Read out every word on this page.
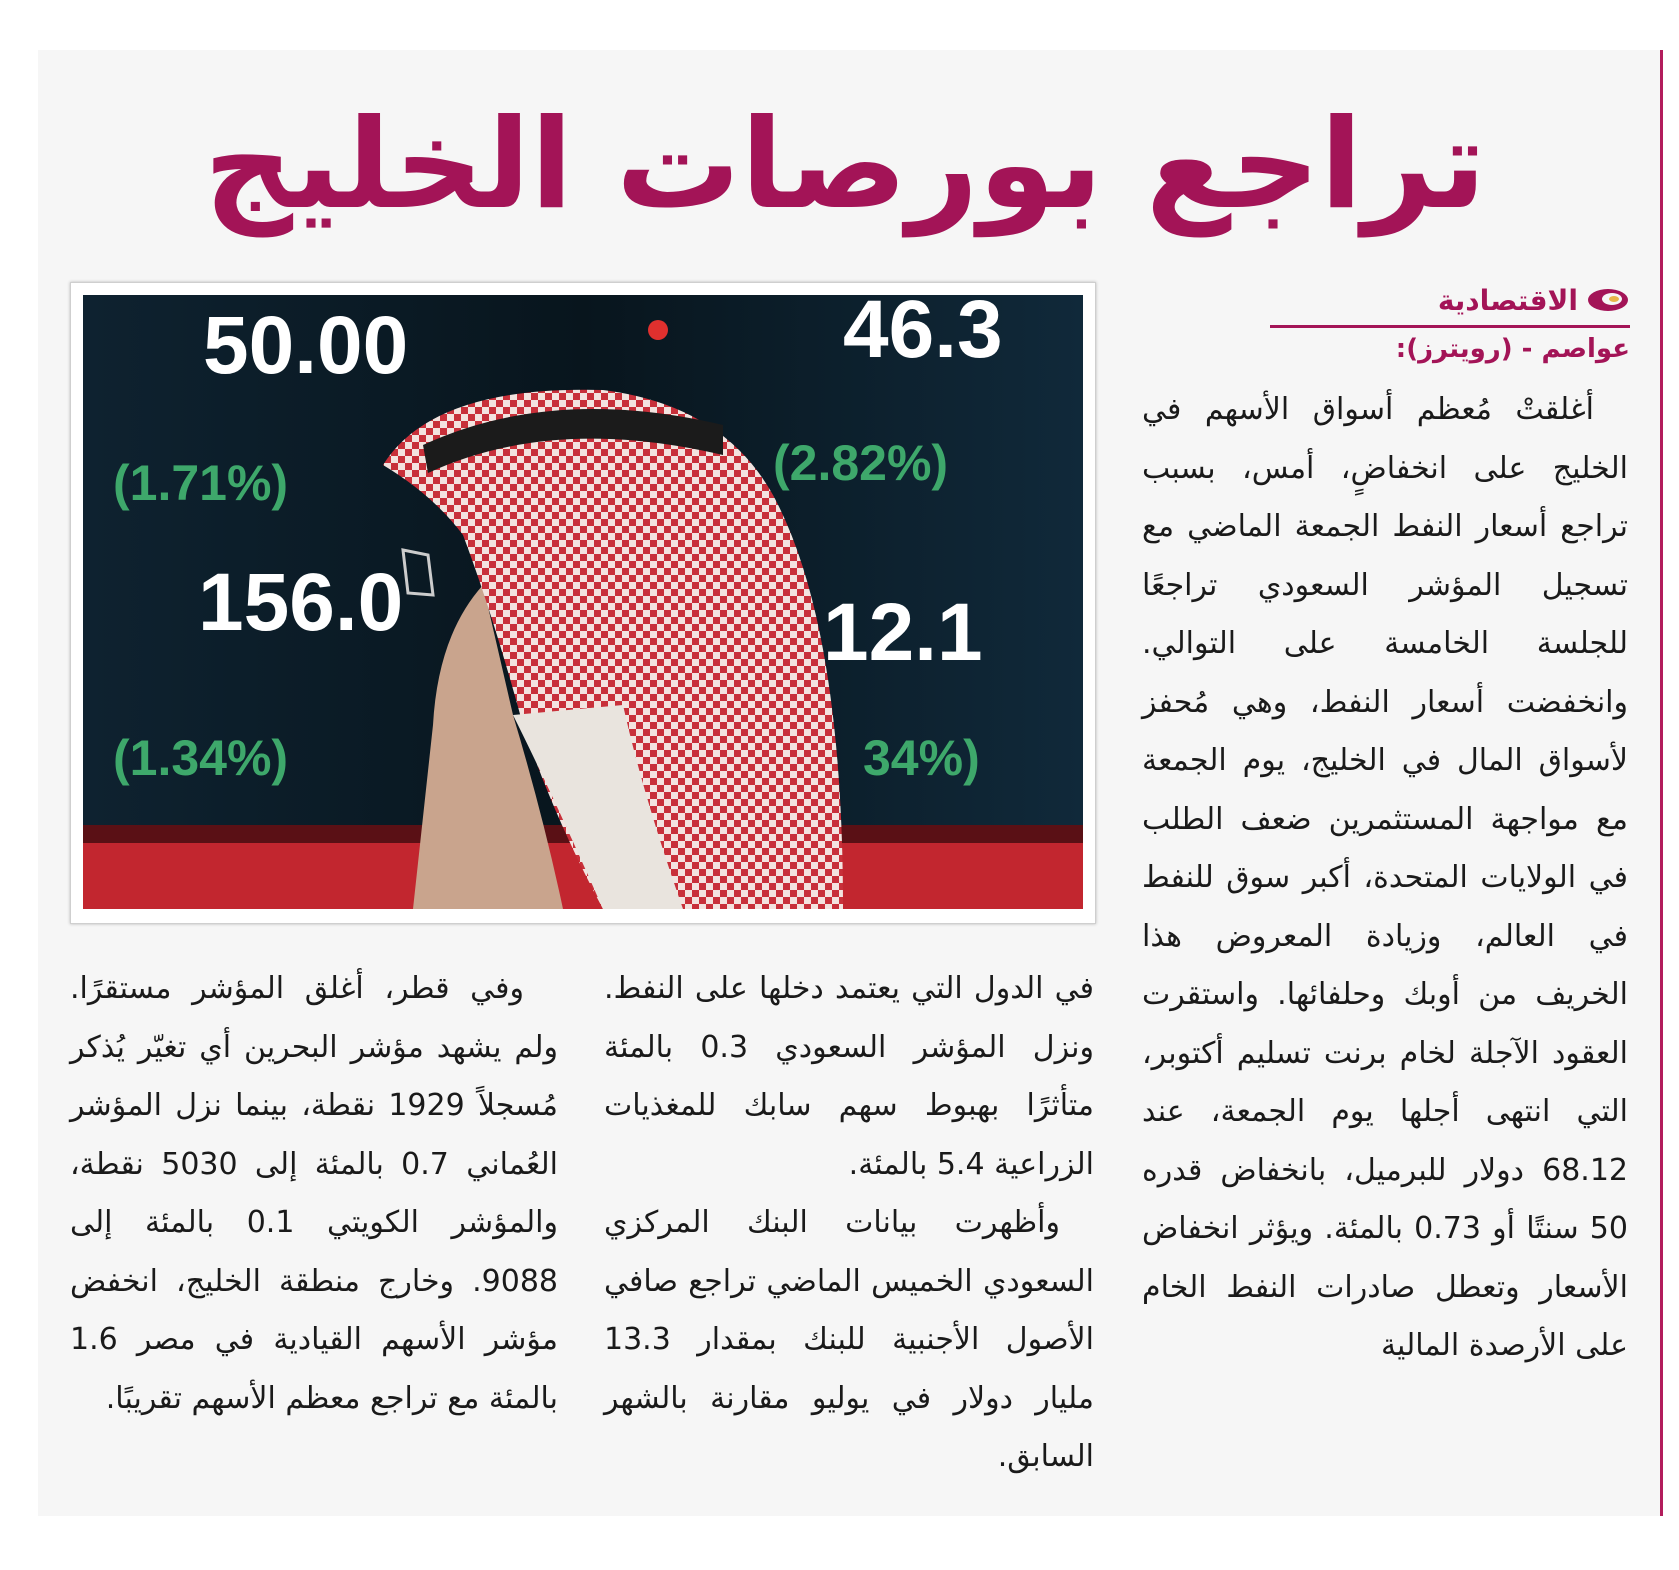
تراجع بورصات الخليج
الاقتصادية
عواصم - (رويترز):
50.00	46.3
156.0	12.1
(1.71%)	(2.82%)
(1.34%)	34%)

أغلقتْ مُعظم أسواق الأسهم في الخليج على انخفاضٍ، أمس، بسبب تراجع أسعار النفط الجمعة الماضي مع تسجيل المؤشر السعودي تراجعًا للجلسة الخامسة على التوالي. وانخفضت أسعار النفط، وهي مُحفز لأسواق المال في الخليج، يوم الجمعة مع مواجهة المستثمرين ضعف الطلب في الولايات المتحدة، أكبر سوق للنفط في العالم، وزيادة المعروض هذا الخريف من أوبك وحلفائها. واستقرت العقود الآجلة لخام برنت تسليم أكتوبر، التي انتهى أجلها يوم الجمعة، عند 68.12 دولار للبرميل، بانخفاض قدره 50 سنتًا أو 0.73 بالمئة. ويؤثر انخفاض الأسعار وتعطل صادرات النفط الخام على الأرصدة المالية

في الدول التي يعتمد دخلها على النفط. ونزل المؤشر السعودي 0.3 بالمئة متأثرًا بهبوط سهم سابك للمغذيات الزراعية 5.4 بالمئة.

وأظهرت بيانات البنك المركزي السعودي الخميس الماضي تراجع صافي الأصول الأجنبية للبنك بمقدار 13.3 مليار دولار في يوليو مقارنة بالشهر السابق.

وفي قطر، أغلق المؤشر مستقرًا. ولم يشهد مؤشر البحرين أي تغيّر يُذكر مُسجلاً 1929 نقطة، بينما نزل المؤشر العُماني 0.7 بالمئة إلى 5030 نقطة، والمؤشر الكويتي 0.1 بالمئة إلى 9088. وخارج منطقة الخليج، انخفض مؤشر الأسهم القيادية في مصر 1.6 بالمئة مع تراجع معظم الأسهم تقريبًا.
